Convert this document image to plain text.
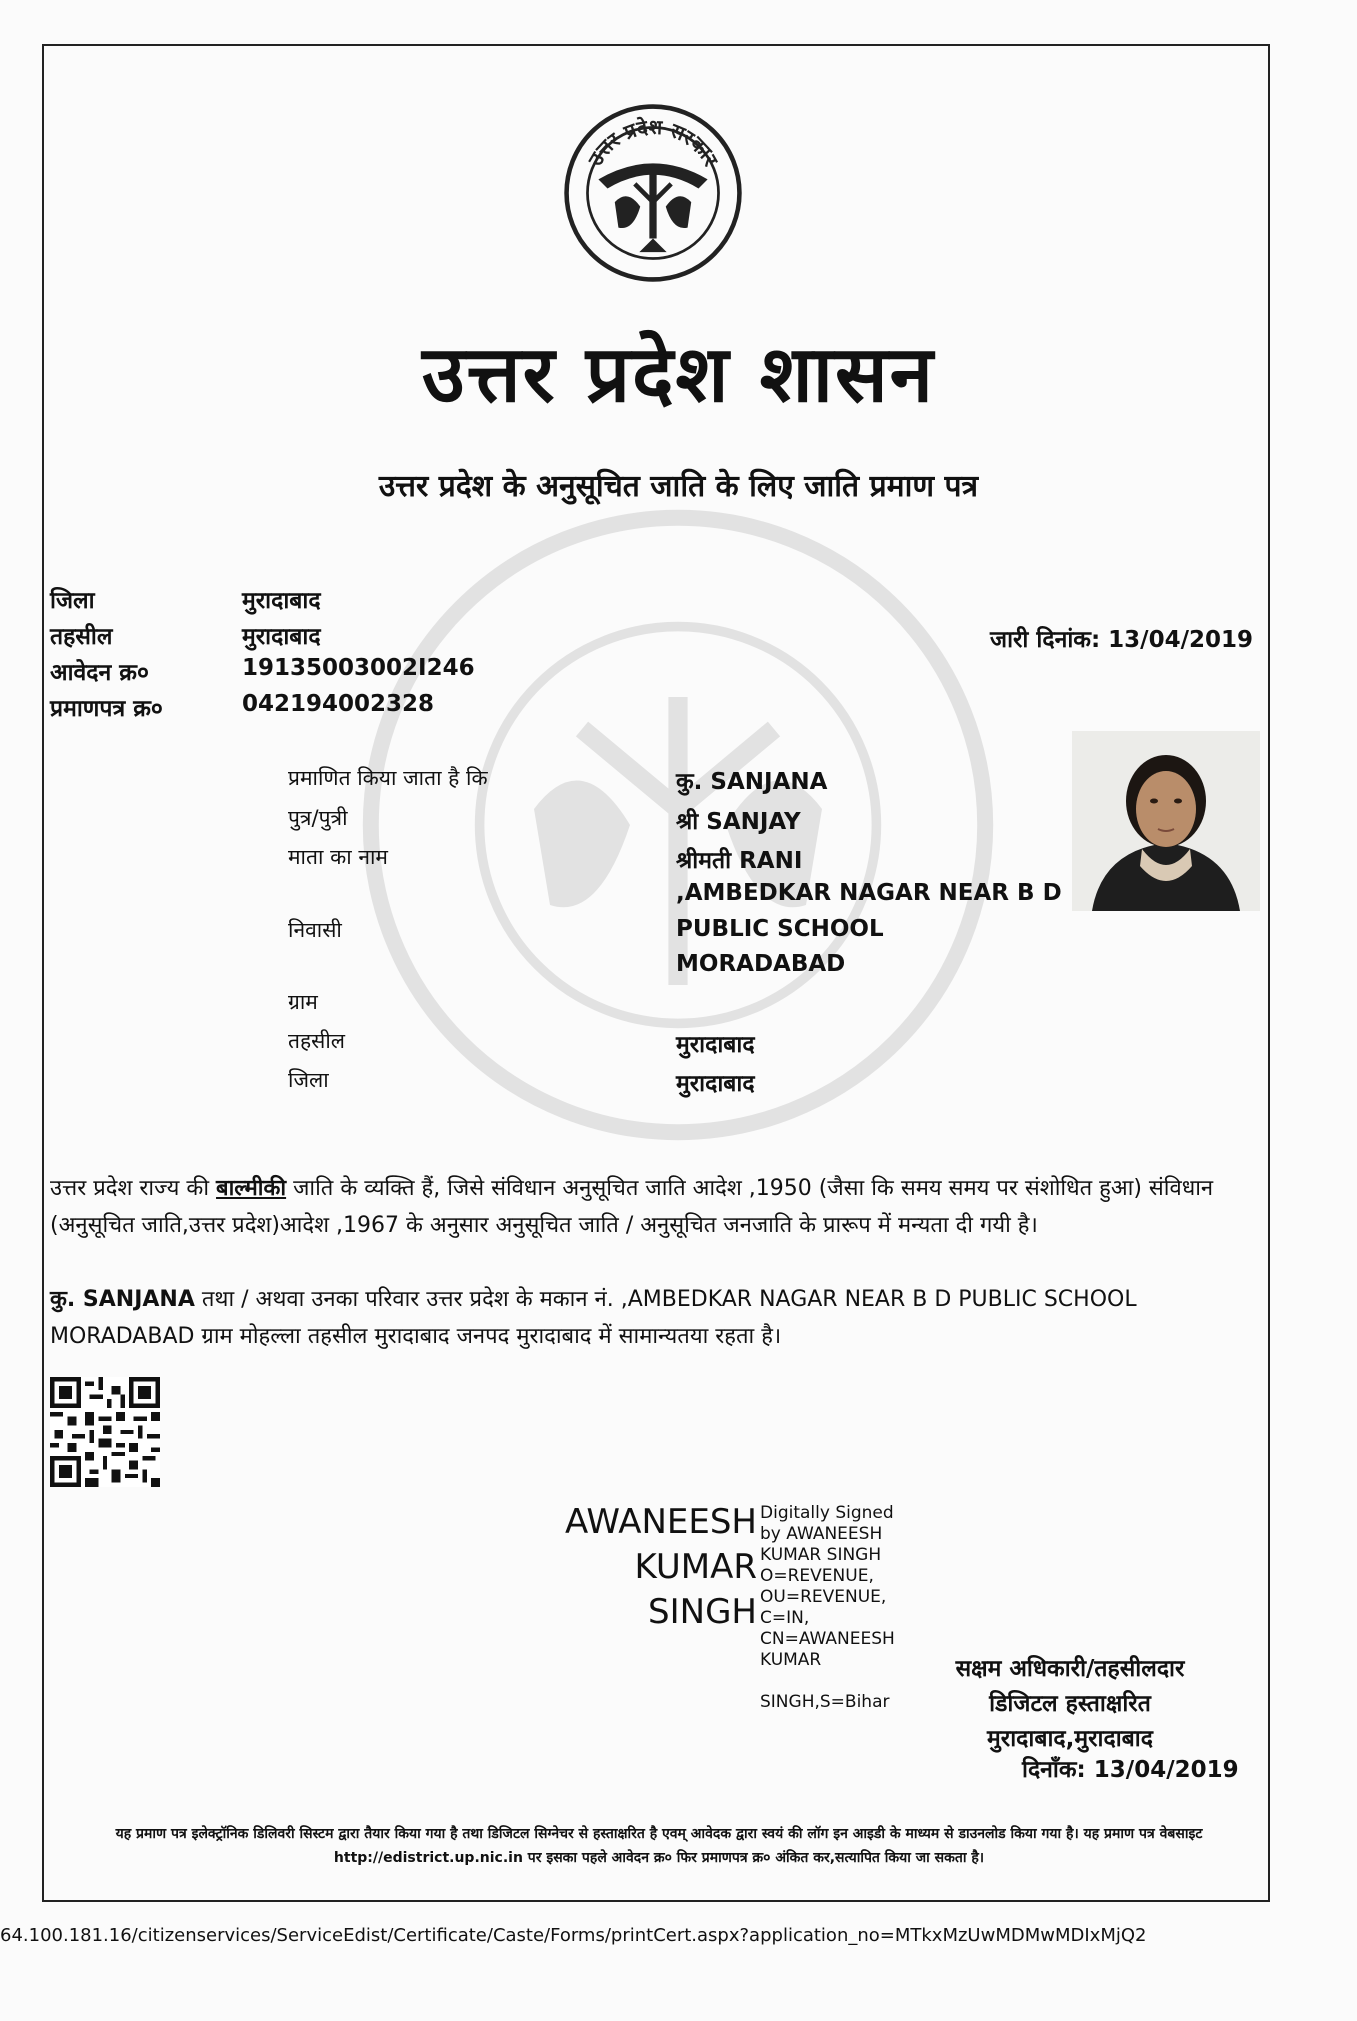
उत्तर प्रदेश सरकार
उत्तर प्रदेश शासन
उत्तर प्रदेश के अनुसूचित जाति के लिए जाति प्रमाण पत्र
जिला	मुरादाबाद
तहसील	मुरादाबाद
आवेदन क्र०	19135003002I246
प्रमाणपत्र क्र०	042194002328
जारी दिनांक: 13/04/2019
प्रमाणित किया जाता है कि	कु. SANJANA
पुत्र/पुत्री	श्री SANJAY
माता का नाम	श्रीमती RANI
,AMBEDKAR NAGAR NEAR B D
निवासी	PUBLIC SCHOOL
MORADABAD
ग्राम
तहसील	मुरादाबाद
जिला	मुरादाबाद
उत्तर प्रदेश राज्य की बाल्मीकी जाति के व्यक्ति हैं, जिसे संविधान अनुसूचित जाति आदेश ,1950 (जैसा कि समय समय पर संशोधित हुआ) संविधान (अनुसूचित जाति,उत्तर प्रदेश)आदेश ,1967 के अनुसार अनुसूचित जाति / अनुसूचित जनजाति के प्रारूप में मन्यता दी गयी है।
कु. SANJANA तथा / अथवा उनका परिवार उत्तर प्रदेश के मकान नं. ,AMBEDKAR NAGAR NEAR B D PUBLIC SCHOOL MORADABAD ग्राम मोहल्ला तहसील मुरादाबाद जनपद मुरादाबाद में सामान्यतया रहता है।
AWANEESH
KUMAR
SINGH
Digitally Signed
by AWANEESH
KUMAR SINGH
O=REVENUE,
OU=REVENUE,
C=IN,
CN=AWANEESH
KUMAR
SINGH,S=Bihar
सक्षम अधिकारी/तहसीलदार
डिजिटल हस्ताक्षरित
मुरादाबाद,मुरादाबाद
दिनाँक: 13/04/2019
यह प्रमाण पत्र इलेक्ट्रॉनिक डिलिवरी सिस्टम द्वारा तैयार किया गया है तथा डिजिटल सिग्नेचर से हस्ताक्षरित है एवम् आवेदक द्वारा स्वयं की लॉग इन आइडी के माध्यम से डाउनलोड किया गया है। यह प्रमाण पत्र वेबसाइट http://edistrict.up.nic.in पर इसका पहले आवेदन क्र० फिर प्रमाणपत्र क्र० अंकित कर,सत्यापित किया जा सकता है।
64.100.181.16/citizenservices/ServiceEdist/Certificate/Caste/Forms/printCert.aspx?application_no=MTkxMzUwMDMwMDIxMjQ2
